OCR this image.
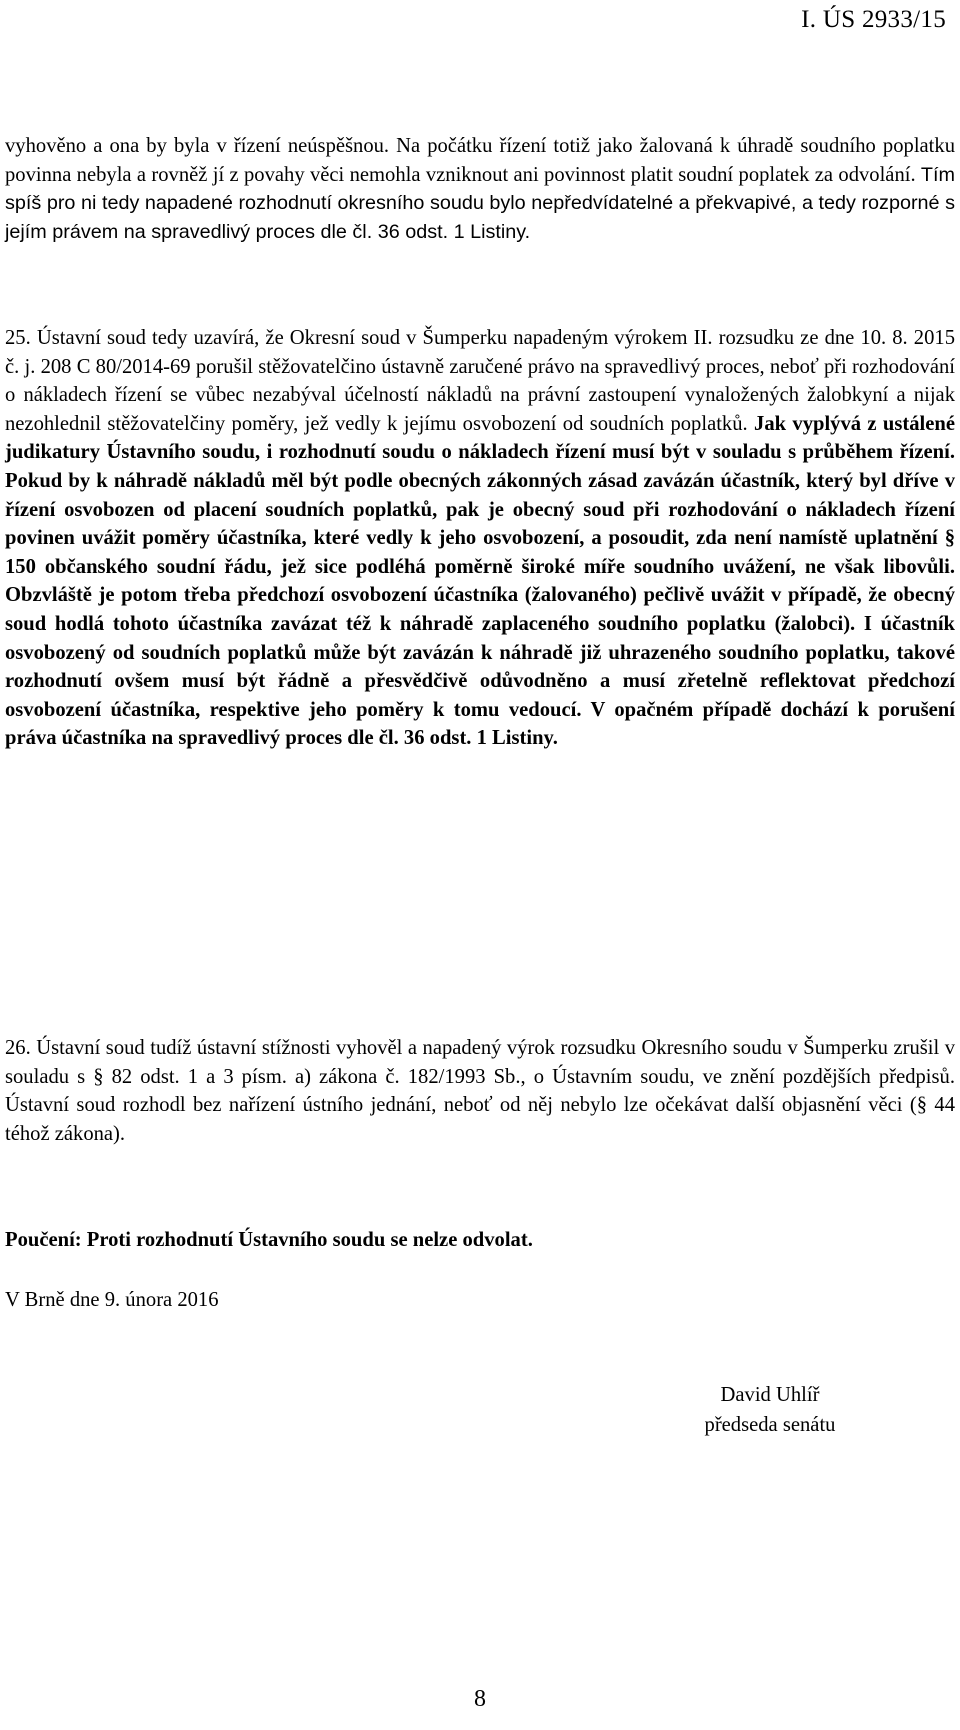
I. ÚS 2933/15

vyhověno a ona by byla v řízení neúspěšnou. Na počátku řízení totiž jako žalovaná k úhradě soudního poplatku povinna nebyla a rovněž jí z povahy věci nemohla vzniknout ani povinnost platit soudní poplatek za odvolání. Tím spíš pro ni tedy napadené rozhodnutí okresního soudu bylo nepředvídatelné a překvapivé, a tedy rozporné s jejím právem na spravedlivý proces dle čl. 36 odst. 1 Listiny.

25. Ústavní soud tedy uzavírá, že Okresní soud v Šumperku napadeným výrokem II. rozsudku ze dne 10. 8. 2015 č. j. 208 C 80/2014-69 porušil stěžovatelčino ústavně zaručené právo na spravedlivý proces, neboť při rozhodování o nákladech řízení se vůbec nezabýval účelností nákladů na právní zastoupení vynaložených žalobkyní a nijak nezohlednil stěžovatelčiny poměry, jež vedly k jejímu osvobození od soudních poplatků. Jak vyplývá z ustálené judikatury Ústavního soudu, i rozhodnutí soudu o nákladech řízení musí být v souladu s průběhem řízení. Pokud by k náhradě nákladů měl být podle obecných zákonných zásad zavázán účastník, který byl dříve v řízení osvobozen od placení soudních poplatků, pak je obecný soud při rozhodování o nákladech řízení povinen uvážit poměry účastníka, které vedly k jeho osvobození, a posoudit, zda není namístě uplatnění § 150 občanského soudní řádu, jež sice podléhá poměrně široké míře soudního uvážení, ne však libovůli. Obzvláště je potom třeba předchozí osvobození účastníka (žalovaného) pečlivě uvážit v případě, že obecný soud hodlá tohoto účastníka zavázat též k náhradě zaplaceného soudního poplatku (žalobci). I účastník osvobozený od soudních poplatků může být zavázán k náhradě již uhrazeného soudního poplatku, takové rozhodnutí ovšem musí být řádně a přesvědčivě odůvodněno a musí zřetelně reflektovat předchozí osvobození účastníka, respektive jeho poměry k tomu vedoucí. V opačném případě dochází k porušení práva účastníka na spravedlivý proces dle čl. 36 odst. 1 Listiny.

26. Ústavní soud tudíž ústavní stížnosti vyhověl a napadený výrok rozsudku Okresního soudu v Šumperku zrušil v souladu s § 82 odst. 1 a 3 písm. a) zákona č. 182/1993 Sb., o Ústavním soudu, ve znění pozdějších předpisů. Ústavní soud rozhodl bez nařízení ústního jednání, neboť od něj nebylo lze očekávat další objasnění věci (§ 44 téhož zákona).

Poučení: Proti rozhodnutí Ústavního soudu se nelze odvolat.

V Brně dne 9. února 2016

David Uhlíř
předseda senátu
8
